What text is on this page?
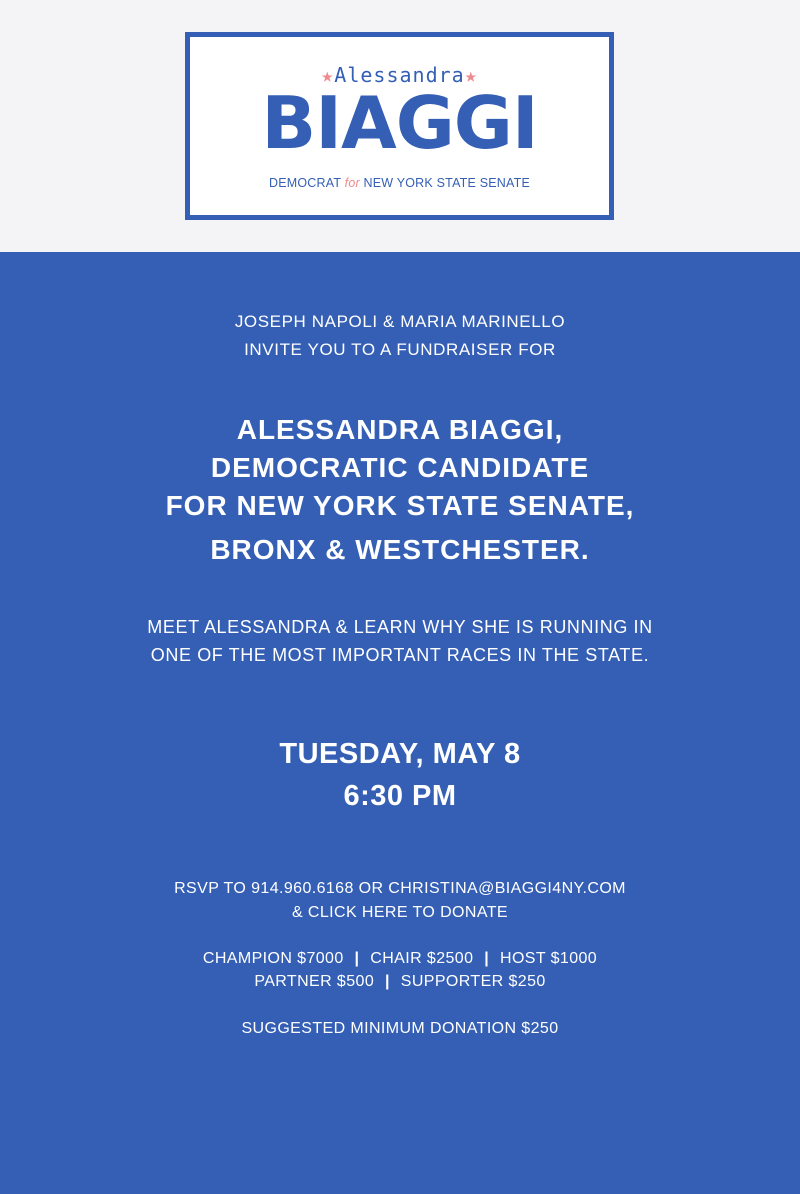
★Alessandra★
BIAGGI
DEMOCRAT for NEW YORK STATE SENATE
JOSEPH NAPOLI & MARIA MARINELLO
INVITE YOU TO A FUNDRAISER FOR
ALESSANDRA BIAGGI,
DEMOCRATIC CANDIDATE
FOR NEW YORK STATE SENATE,
BRONX & WESTCHESTER.
MEET ALESSANDRA & LEARN WHY SHE IS RUNNING IN
ONE OF THE MOST IMPORTANT RACES IN THE STATE.
TUESDAY, MAY 8
6:30 PM
RSVP TO 914.960.6168 OR CHRISTINA@BIAGGI4NY.COM
& CLICK HERE TO DONATE
CHAMPION $7000 | CHAIR $2500 | HOST $1000
PARTNER $500 | SUPPORTER $250
SUGGESTED MINIMUM DONATION $250
